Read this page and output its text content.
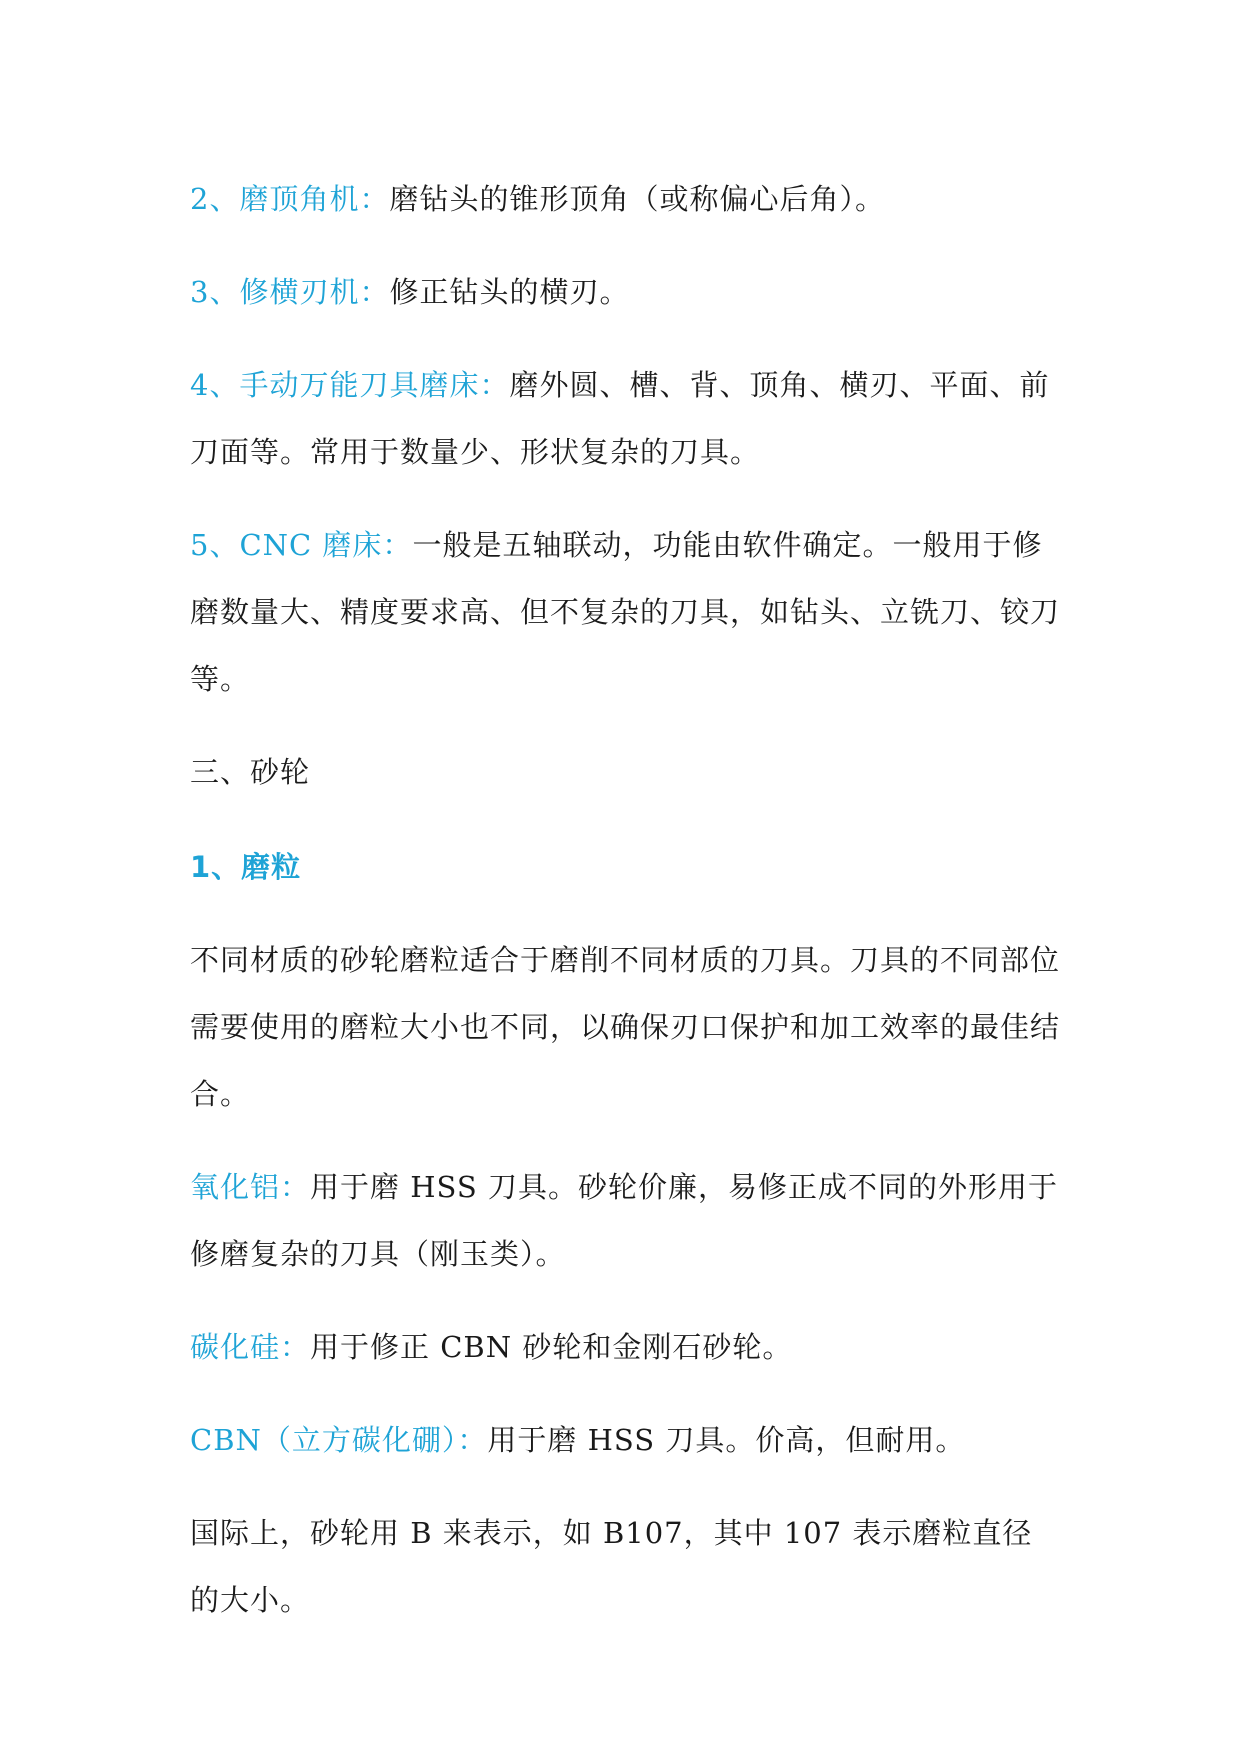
2、磨顶角机：磨钻头的锥形顶角（或称偏心后角）。

3、修横刃机：修正钻头的横刃。

4、手动万能刀具磨床：磨外圆、槽、背、顶角、横刃、平面、前刀面等。常用于数量少、形状复杂的刀具。

5、CNC 磨床：一般是五轴联动，功能由软件确定。一般用于修磨数量大、精度要求高、但不复杂的刀具，如钻头、立铣刀、铰刀等。

三、砂轮

1、磨粒

不同材质的砂轮磨粒适合于磨削不同材质的刀具。刀具的不同部位需要使用的磨粒大小也不同，以确保刃口保护和加工效率的最佳结合。

氧化铝：用于磨 HSS 刀具。砂轮价廉，易修正成不同的外形用于修磨复杂的刀具（刚玉类）。

碳化硅：用于修正 CBN 砂轮和金刚石砂轮。

CBN（立方碳化硼）：用于磨 HSS 刀具。价高，但耐用。

国际上，砂轮用 B 来表示，如 B107，其中 107 表示磨粒直径的大小。
